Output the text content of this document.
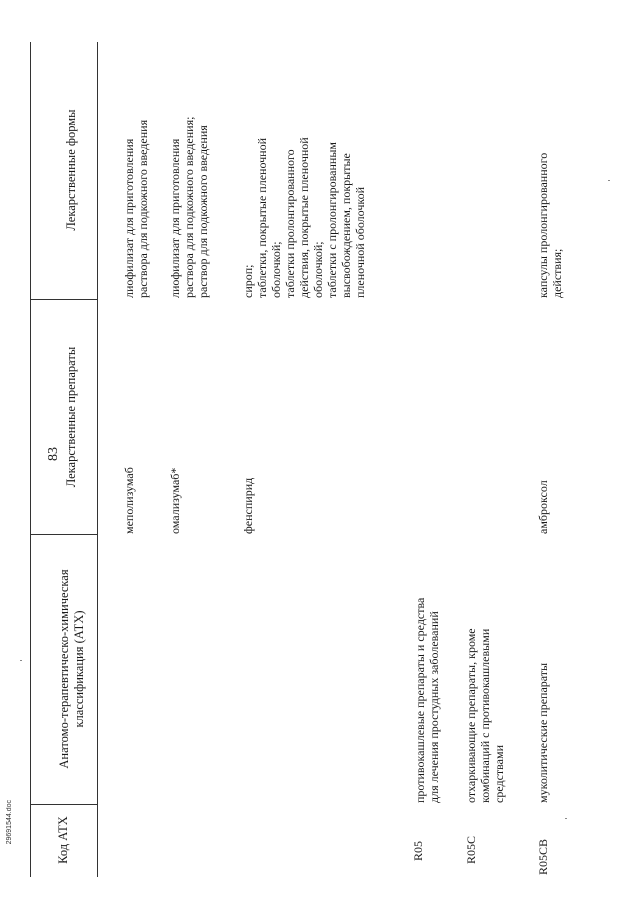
83
Код АТХ
Анатомо-терапевтическо-химическая
классификация (АТХ)
Лекарственные препараты
Лекарственные формы
меполизумаб
лиофилизат для приготовления
раствора для подкожного введения
омализумаб*
лиофилизат для приготовления
раствора для подкожного введения;
раствор для подкожного введения
фенспирид
сироп;
таблетки, покрытые пленочной
оболочкой;
таблетки пролонгированного
действия, покрытые пленочной
оболочкой;
таблетки с пролонгированным
высвобождением, покрытые
пленочной оболочкой
R05
противокашлевые препараты и средства
для лечения простудных заболеваний
R05C
отхаркивающие препараты, кроме
комбинаций с противокашлевыми
средствами
R05CB
муколитические препараты
амброксол
капсулы пролонгированного
действия;
29691544.doc
